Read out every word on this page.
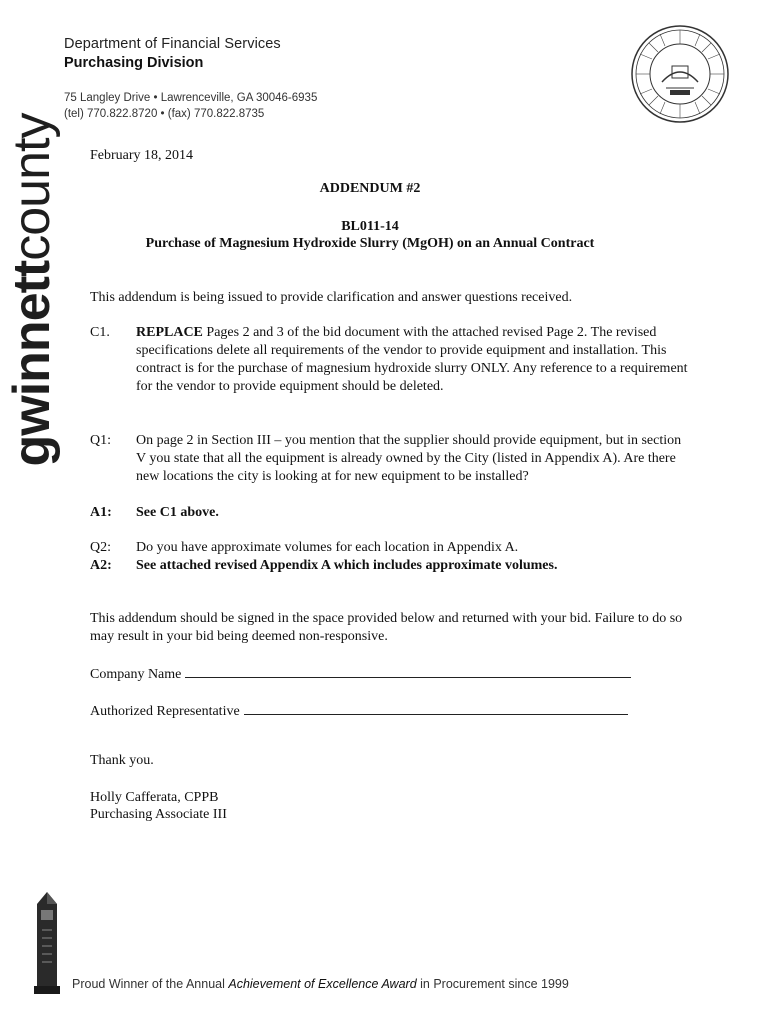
Department of Financial Services
Purchasing Division
75 Langley Drive • Lawrenceville, GA 30046-6935
(tel) 770.822.8720 • (fax) 770.822.8735
gwinnettcounty February 18, 2014
ADDENDUM #2
BL011-14
Purchase of Magnesium Hydroxide Slurry (MgOH) on an Annual Contract
This addendum is being issued to provide clarification and answer questions received.
C1.	REPLACE Pages 2 and 3 of the bid document with the attached revised Page 2. The revised specifications delete all requirements of the vendor to provide equipment and installation. This contract is for the purchase of magnesium hydroxide slurry ONLY. Any reference to a requirement for the vendor to provide equipment should be deleted.
Q1:	On page 2 in Section III – you mention that the supplier should provide equipment, but in section V you state that all the equipment is already owned by the City (listed in Appendix A). Are there new locations the city is looking at for new equipment to be installed?
A1:	See C1 above.
Q2:	Do you have approximate volumes for each location in Appendix A.
A2:	See attached revised Appendix A which includes approximate volumes.
This addendum should be signed in the space provided below and returned with your bid. Failure to do so may result in your bid being deemed non-responsive.
Company Name
Authorized Representative
Thank you.
Holly Cafferata, CPPB
Purchasing Associate III
Proud Winner of the Annual Achievement of Excellence Award in Procurement since 1999
